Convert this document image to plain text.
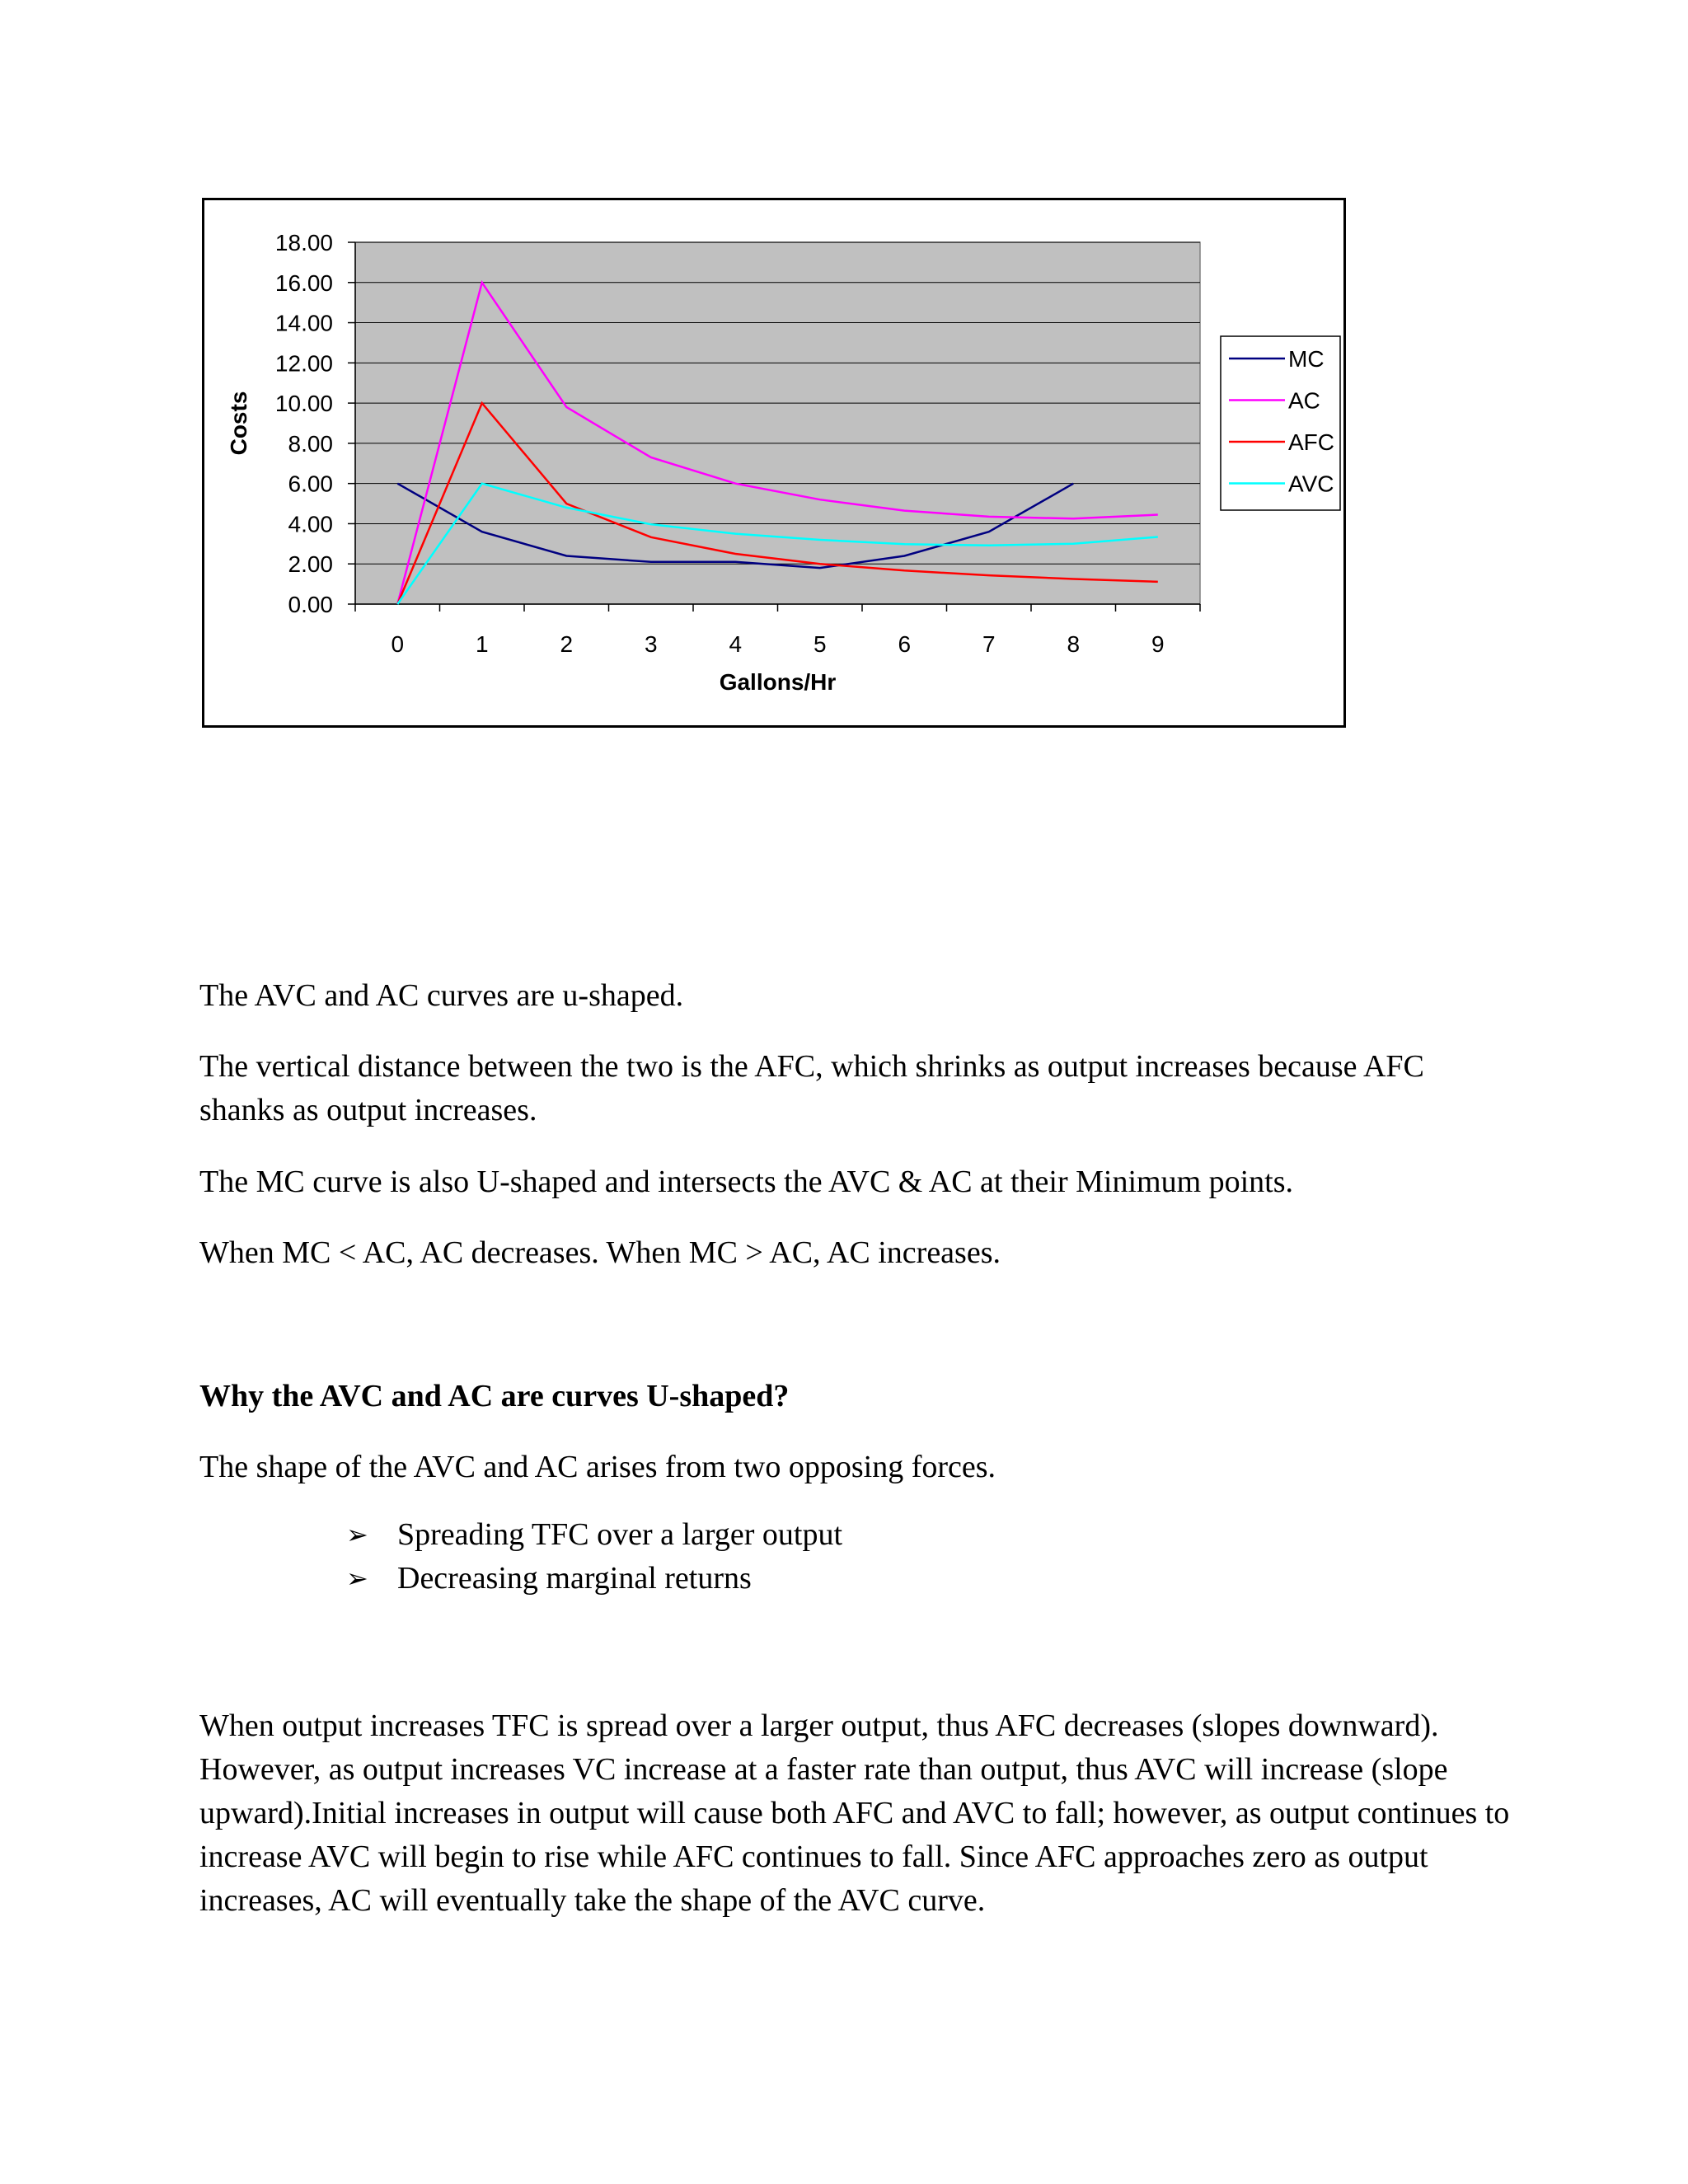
0.00
2.00
4.00
6.00
8.00
10.00
12.00
14.00
16.00
18.00
0	1	2	3	4	5	6	7	8	9
Gallons/Hr
Costs
MC
AC
AFC
AVC

The AVC and AC curves are u-shaped.

The vertical distance between the two is the AFC, which shrinks as output increases because AFC shanks as output increases.

The MC curve is also U-shaped and intersects the AVC & AC at their Minimum points.

Why the AVC and AC are curves U-shaped?

When MC < AC, AC decreases. When MC > AC, AC increases.

The shape of the AVC and AC arises from two opposing forces.

➢ Spreading TFC over a larger output
➢ Decreasing marginal returns

When output increases TFC is spread over a larger output, thus AFC decreases (slopes downward). However, as output increases VC increase at a faster rate than output, thus AVC will increase (slope upward).Initial increases in output will cause both AFC and AVC to fall; however, as output continues to increase AVC will begin to rise while AFC continues to fall. Since AFC approaches zero as output increases, AC will eventually take the shape of the AVC curve.
